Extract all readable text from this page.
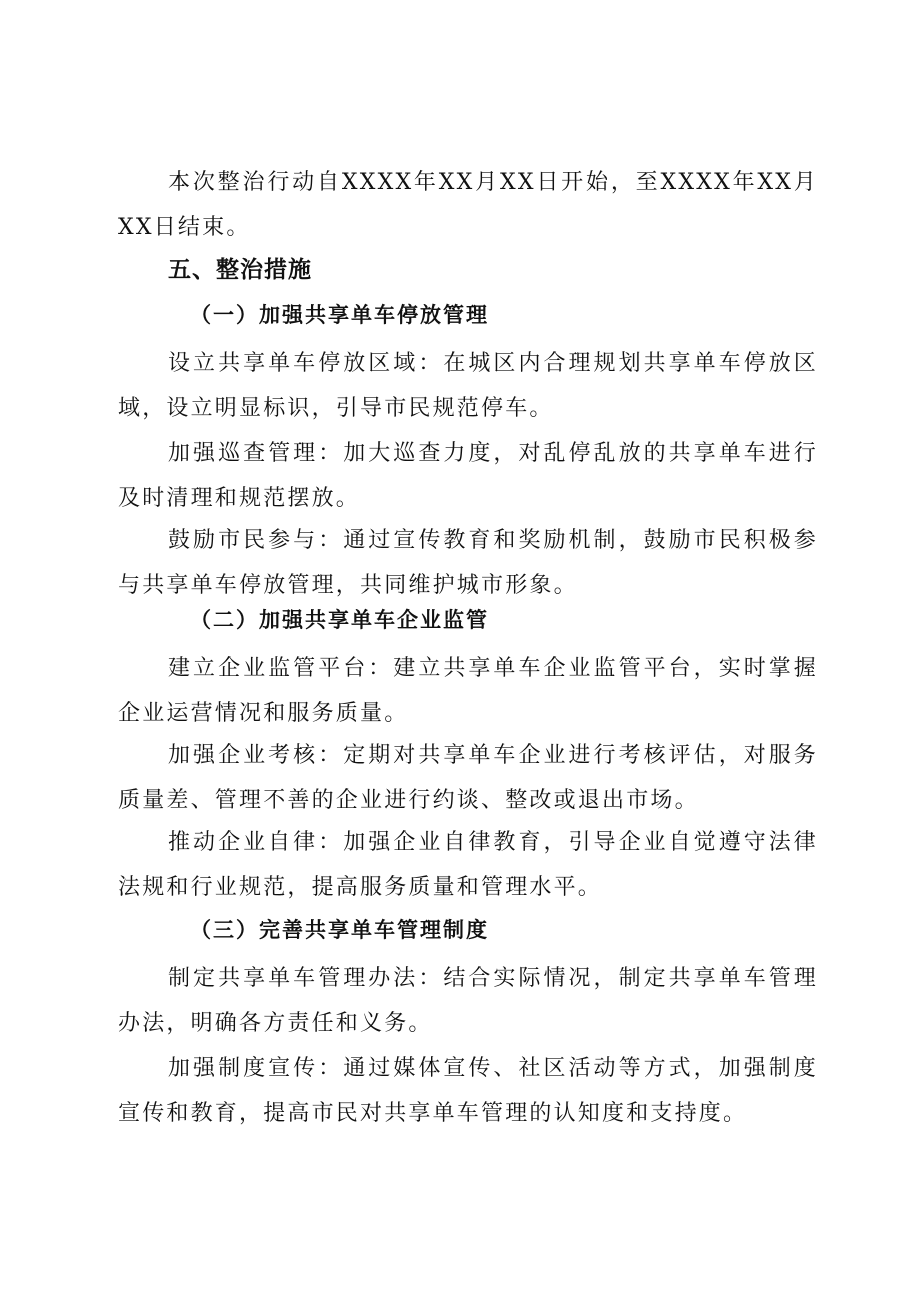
本次整治行动自XXXX年XX月XX日开始，至XXXX年XX月XX日结束。

五、整治措施
（一）加强共享单车停放管理

设立共享单车停放区域：在城区内合理规划共享单车停放区域，设立明显标识，引导市民规范停车。

加强巡查管理：加大巡查力度，对乱停乱放的共享单车进行及时清理和规范摆放。

鼓励市民参与：通过宣传教育和奖励机制，鼓励市民积极参与共享单车停放管理，共同维护城市形象。

（二）加强共享单车企业监管

建立企业监管平台：建立共享单车企业监管平台，实时掌握企业运营情况和服务质量。

加强企业考核：定期对共享单车企业进行考核评估，对服务质量差、管理不善的企业进行约谈、整改或退出市场。

推动企业自律：加强企业自律教育，引导企业自觉遵守法律法规和行业规范，提高服务质量和管理水平。

（三）完善共享单车管理制度

制定共享单车管理办法：结合实际情况，制定共享单车管理办法，明确各方责任和义务。

加强制度宣传：通过媒体宣传、社区活动等方式，加强制度宣传和教育，提高市民对共享单车管理的认知度和支持度。
